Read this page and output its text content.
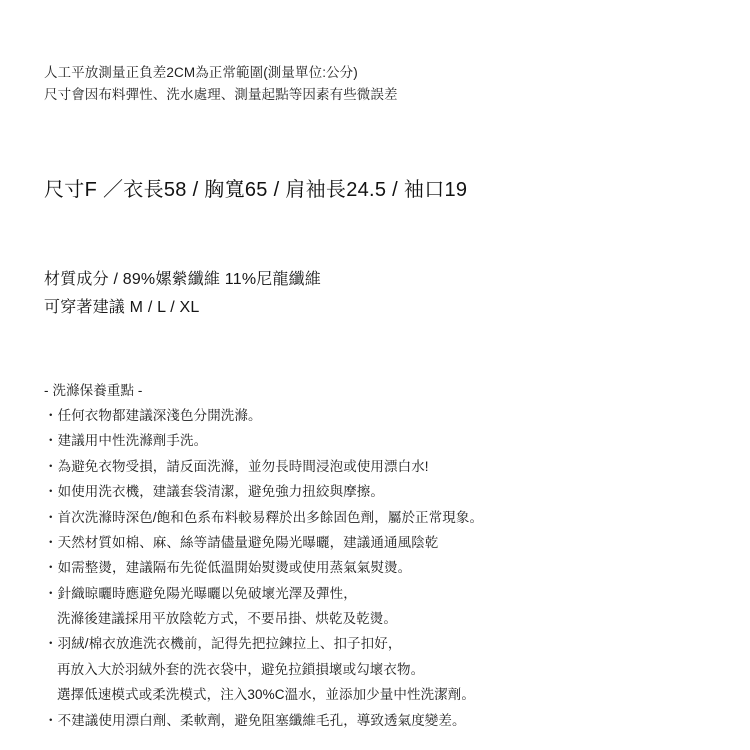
人工平放測量正負差2CM為正常範圍(測量單位:公分)
尺寸會因布料彈性、洗水處理、測量起點等因素有些微誤差
尺寸F ／衣長58 / 胸寬65 / 肩袖長24.5 / 袖口19
材質成分 / 89%嫘縈纖維 11%尼龍纖維
可穿著建議 M / L / XL
- 洗滌保養重點 -
・任何衣物都建議深淺色分開洗滌。
・建議用中性洗滌劑手洗。
・為避免衣物受損，請反面洗滌，並勿長時間浸泡或使用漂白水!
・如使用洗衣機，建議套袋清潔，避免強力扭絞與摩擦。
・首次洗滌時深色/飽和色系布料較易釋於出多餘固色劑，屬於正常現象。
・天然材質如棉、麻、絲等請儘量避免陽光曝曬，建議通通風陰乾
・如需整燙，建議隔布先從低溫開始熨燙或使用蒸氣氣熨燙。
・針織晾曬時應避免陽光曝曬以免破壞光澤及彈性，
洗滌後建議採用平放陰乾方式，不要吊掛、烘乾及乾燙。
・羽絨/棉衣放進洗衣機前，記得先把拉鍊拉上、扣子扣好，
再放入大於羽絨外套的洗衣袋中，避免拉鎖損壞或勾壞衣物。
選擇低速模式或柔洗模式，注入30%C溫水，並添加少量中性洗潔劑。
・不建議使用漂白劑、柔軟劑，避免阻塞纖維毛孔，導致透氣度變差。
